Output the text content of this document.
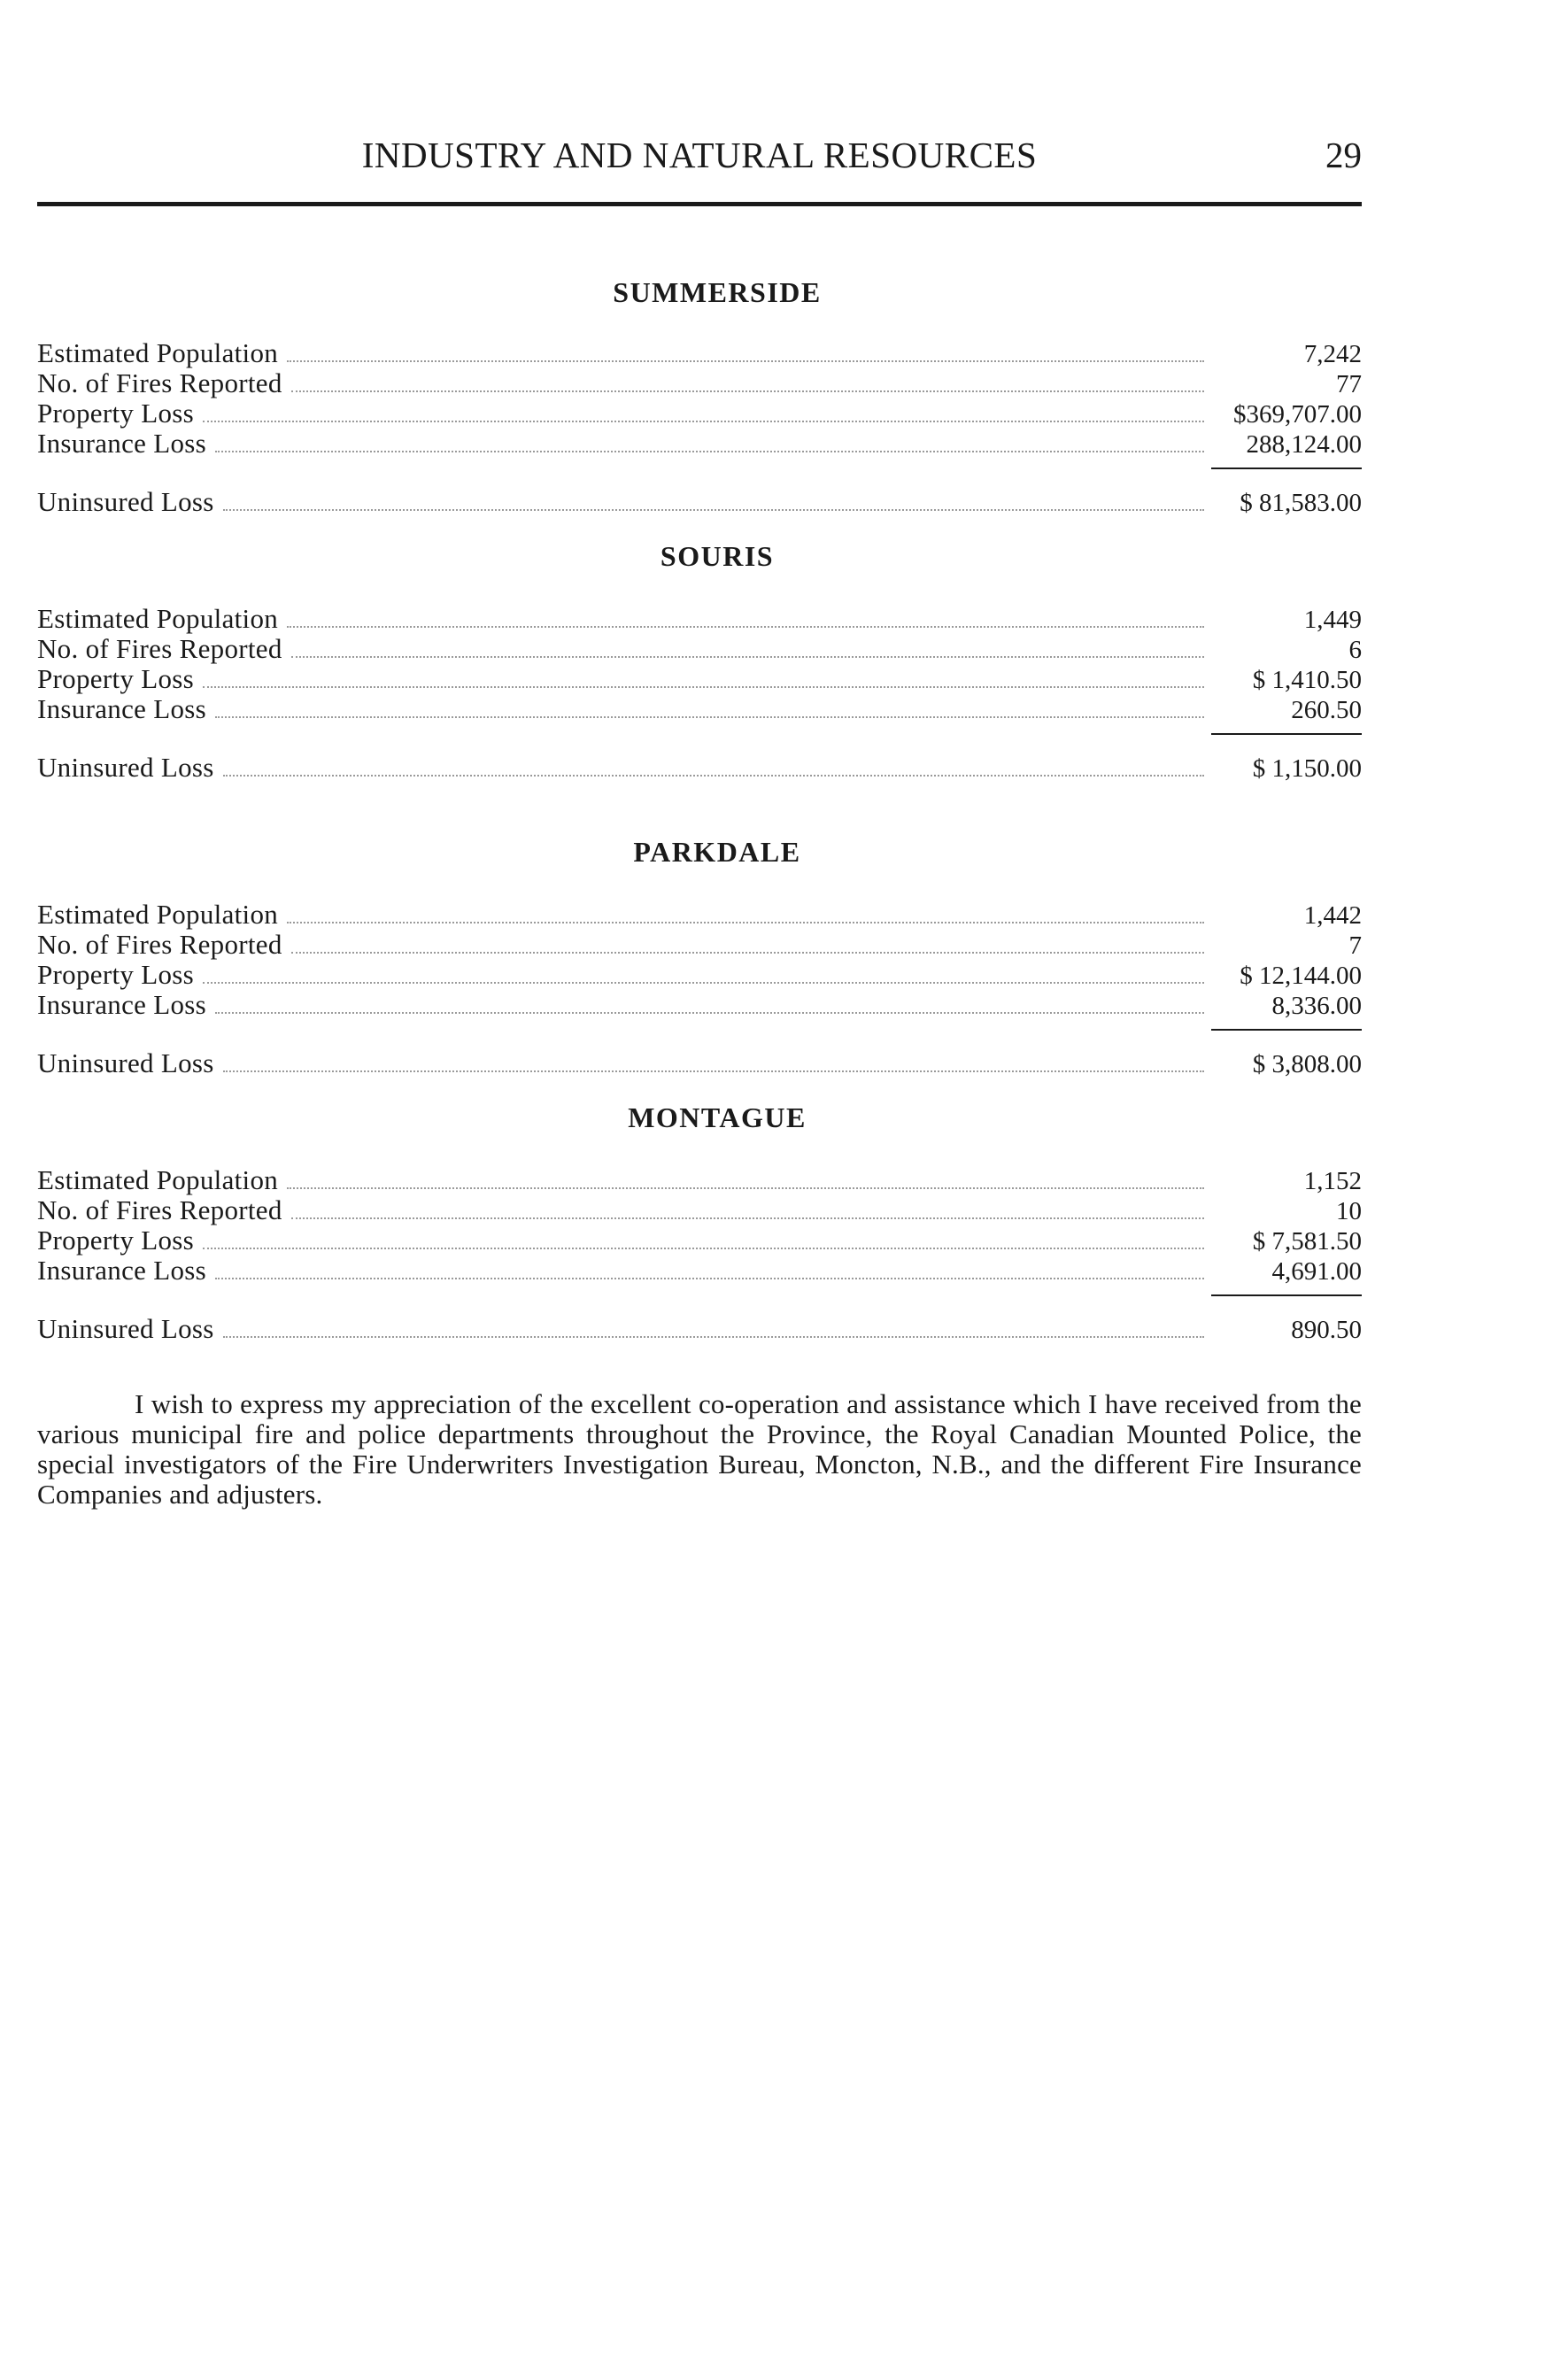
INDUSTRY AND NATURAL RESOURCES	29
SUMMERSIDE
Estimated Population	7,242
No. of Fires Reported	77
Property Loss	$369,707.00
Insurance Loss	288,124.00
Uninsured Loss	$ 81,583.00
SOURIS
Estimated Population	1,449
No. of Fires Reported	6
Property Loss	$ 1,410.50
Insurance Loss	260.50
Uninsured Loss	$ 1,150.00
PARKDALE
Estimated Population	1,442
No. of Fires Reported	7
Property Loss	$ 12,144.00
Insurance Loss	8,336.00
Uninsured Loss	$ 3,808.00
MONTAGUE
Estimated Population	1,152
No. of Fires Reported	10
Property Loss	$ 7,581.50
Insurance Loss	4,691.00
Uninsured Loss	890.50

I wish to express my appreciation of the excellent co-operation and assistance which I have received from the various municipal fire and police departments throughout the Province, the Royal Canadian Mounted Police, the special investigators of the Fire Underwriters Investigation Bureau, Moncton, N.B., and the different Fire Insurance Companies and adjusters.
